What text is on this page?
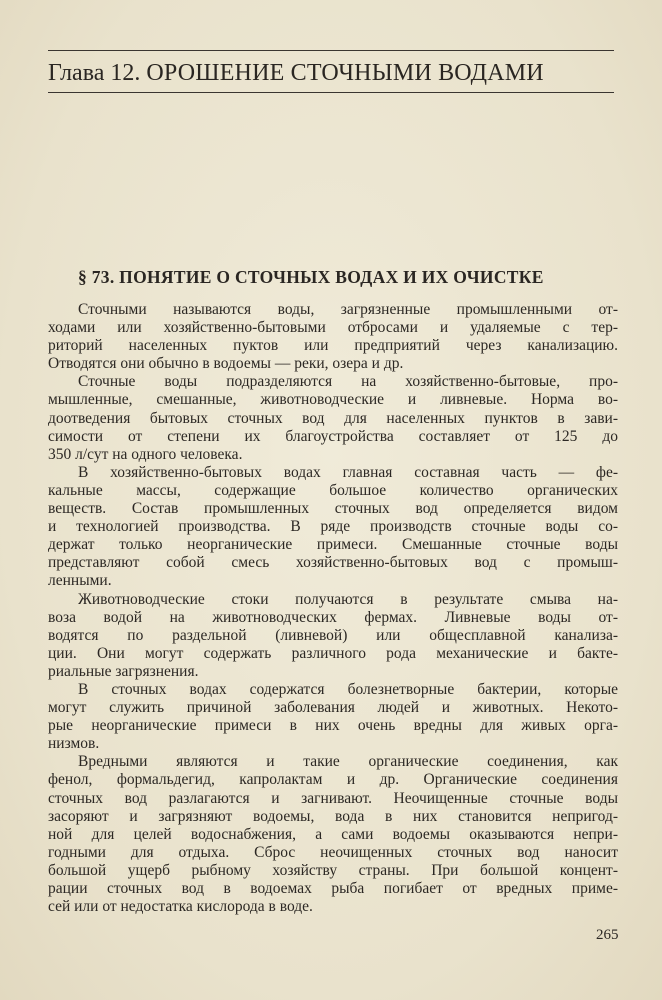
Глава 12. ОРОШЕНИЕ СТОЧНЫМИ ВОДАМИ
§ 73. ПОНЯТИЕ О СТОЧНЫХ ВОДАХ И ИХ ОЧИСТКЕ
Сточными называются воды, загрязненные промышленными от-
ходами или хозяйственно-бытовыми отбросами и удаляемые с тер-
риторий населенных пуктов или предприятий через канализацию.
Отводятся они обычно в водоемы — реки, озера и др.
Сточные воды подразделяются на хозяйственно-бытовые, про-
мышленные, смешанные, животноводческие и ливневые. Норма во-
доотведения бытовых сточных вод для населенных пунктов в зави-
симости от степени их благоустройства составляет от 125 до
350 л/сут на одного человека.
В хозяйственно-бытовых водах главная составная часть — фе-
кальные массы, содержащие большое количество органических
веществ. Состав промышленных сточных вод определяется видом
и технологией производства. В ряде производств сточные воды со-
держат только неорганические примеси. Смешанные сточные воды
представляют собой смесь хозяйственно-бытовых вод с промыш-
ленными.
Животноводческие стоки получаются в результате смыва на-
воза водой на животноводческих фермах. Ливневые воды от-
водятся по раздельной (ливневой) или общесплавной канализа-
ции. Они могут содержать различного рода механические и бакте-
риальные загрязнения.
В сточных водах содержатся болезнетворные бактерии, которые
могут служить причиной заболевания людей и животных. Некото-
рые неорганические примеси в них очень вредны для живых орга-
низмов.
Вредными являются и такие органические соединения, как
фенол, формальдегид, капролактам и др. Органические соединения
сточных вод разлагаются и загнивают. Неочищенные сточные воды
засоряют и загрязняют водоемы, вода в них становится непригод-
ной для целей водоснабжения, а сами водоемы оказываются непри-
годными для отдыха. Сброс неочищенных сточных вод наносит
большой ущерб рыбному хозяйству страны. При большой концент-
рации сточных вод в водоемах рыба погибает от вредных приме-
сей или от недостатка кислорода в воде.
265
